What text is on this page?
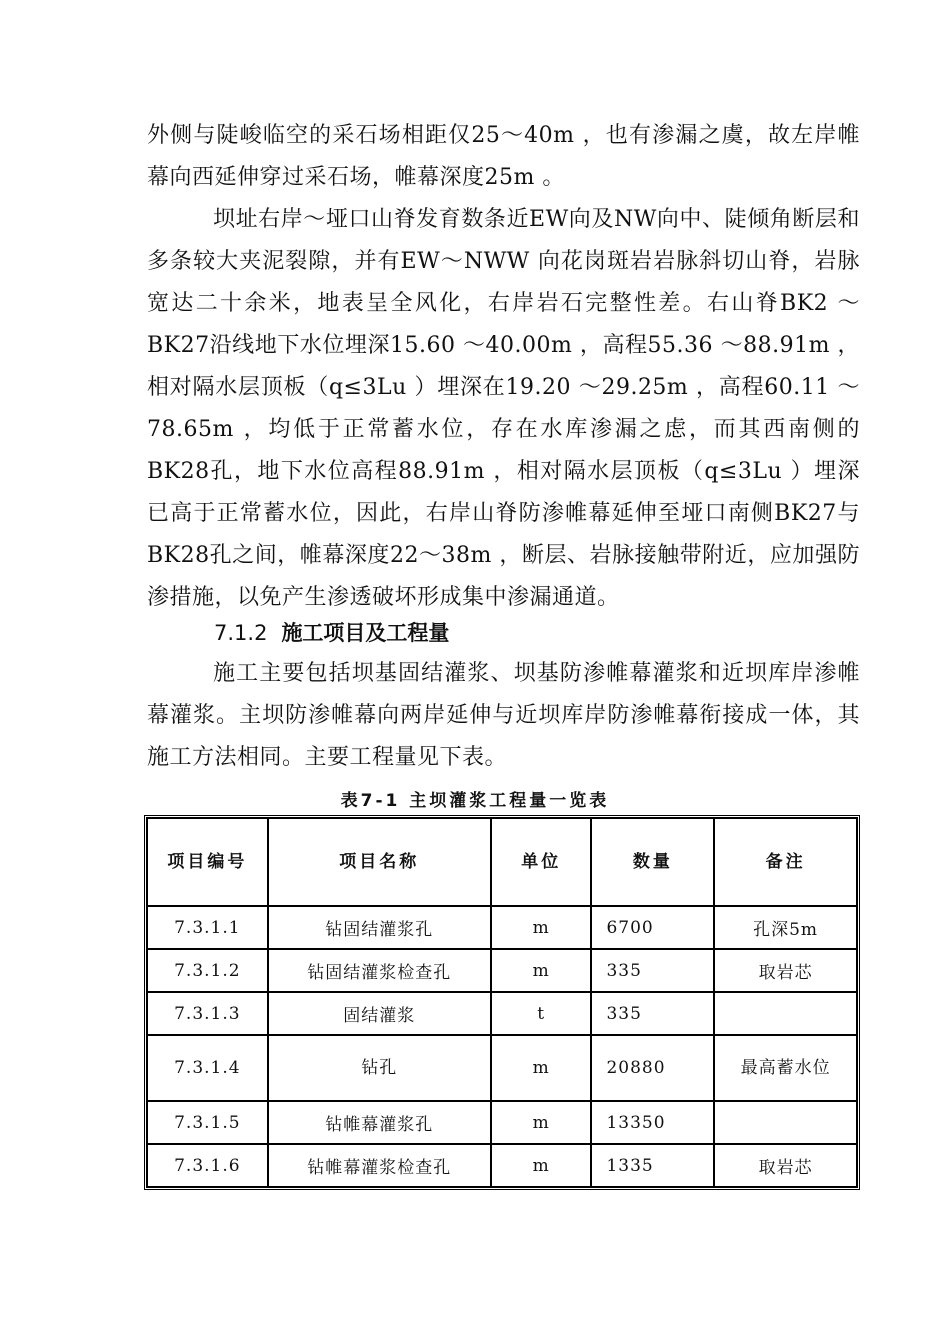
外侧与陡峻临空的采石场相距仅25～40m ，也有渗漏之虞，故左岸帷幕向西延伸穿过采石场，帷幕深度25m 。

坝址右岸～垭口山脊发育数条近EW向及NW向中、陡倾角断层和多条较大夹泥裂隙，并有EW～NWW 向花岗斑岩岩脉斜切山脊，岩脉宽达二十余米，地表呈全风化，右岸岩石完整性差。右山脊BK2 ～BK27沿线地下水位埋深15.60 ～40.00m ，高程55.36 ～88.91m ，相对隔水层顶板（q≤3Lu ）埋深在19.20 ～29.25m ，高程60.11 ～78.65m ，均低于正常蓄水位，存在水库渗漏之虑，而其西南侧的BK28孔，地下水位高程88.91m ，相对隔水层顶板（q≤3Lu ）埋深已高于正常蓄水位，因此，右岸山脊防渗帷幕延伸至垭口南侧BK27与BK28孔之间，帷幕深度22～38m ，断层、岩脉接触带附近，应加强防渗措施，以免产生渗透破坏形成集中渗漏通道。

7.1.2 施工项目及工程量

施工主要包括坝基固结灌浆、坝基防渗帷幕灌浆和近坝库岸渗帷幕灌浆。主坝防渗帷幕向两岸延伸与近坝库岸防渗帷幕衔接成一体，其施工方法相同。主要工程量见下表。

表7-1 主坝灌浆工程量一览表

项目编号	项目名称	单位	数量	备注
7.3.1.1	钻固结灌浆孔	m	6700	孔深5m
7.3.1.2	钻固结灌浆检查孔	m	335	取岩芯
7.3.1.3	固结灌浆	t	335	
7.3.1.4	钻孔	m	20880	最高蓄水位
7.3.1.5	钻帷幕灌浆孔	m	13350	
7.3.1.6	钻帷幕灌浆检查孔	m	1335	取岩芯
